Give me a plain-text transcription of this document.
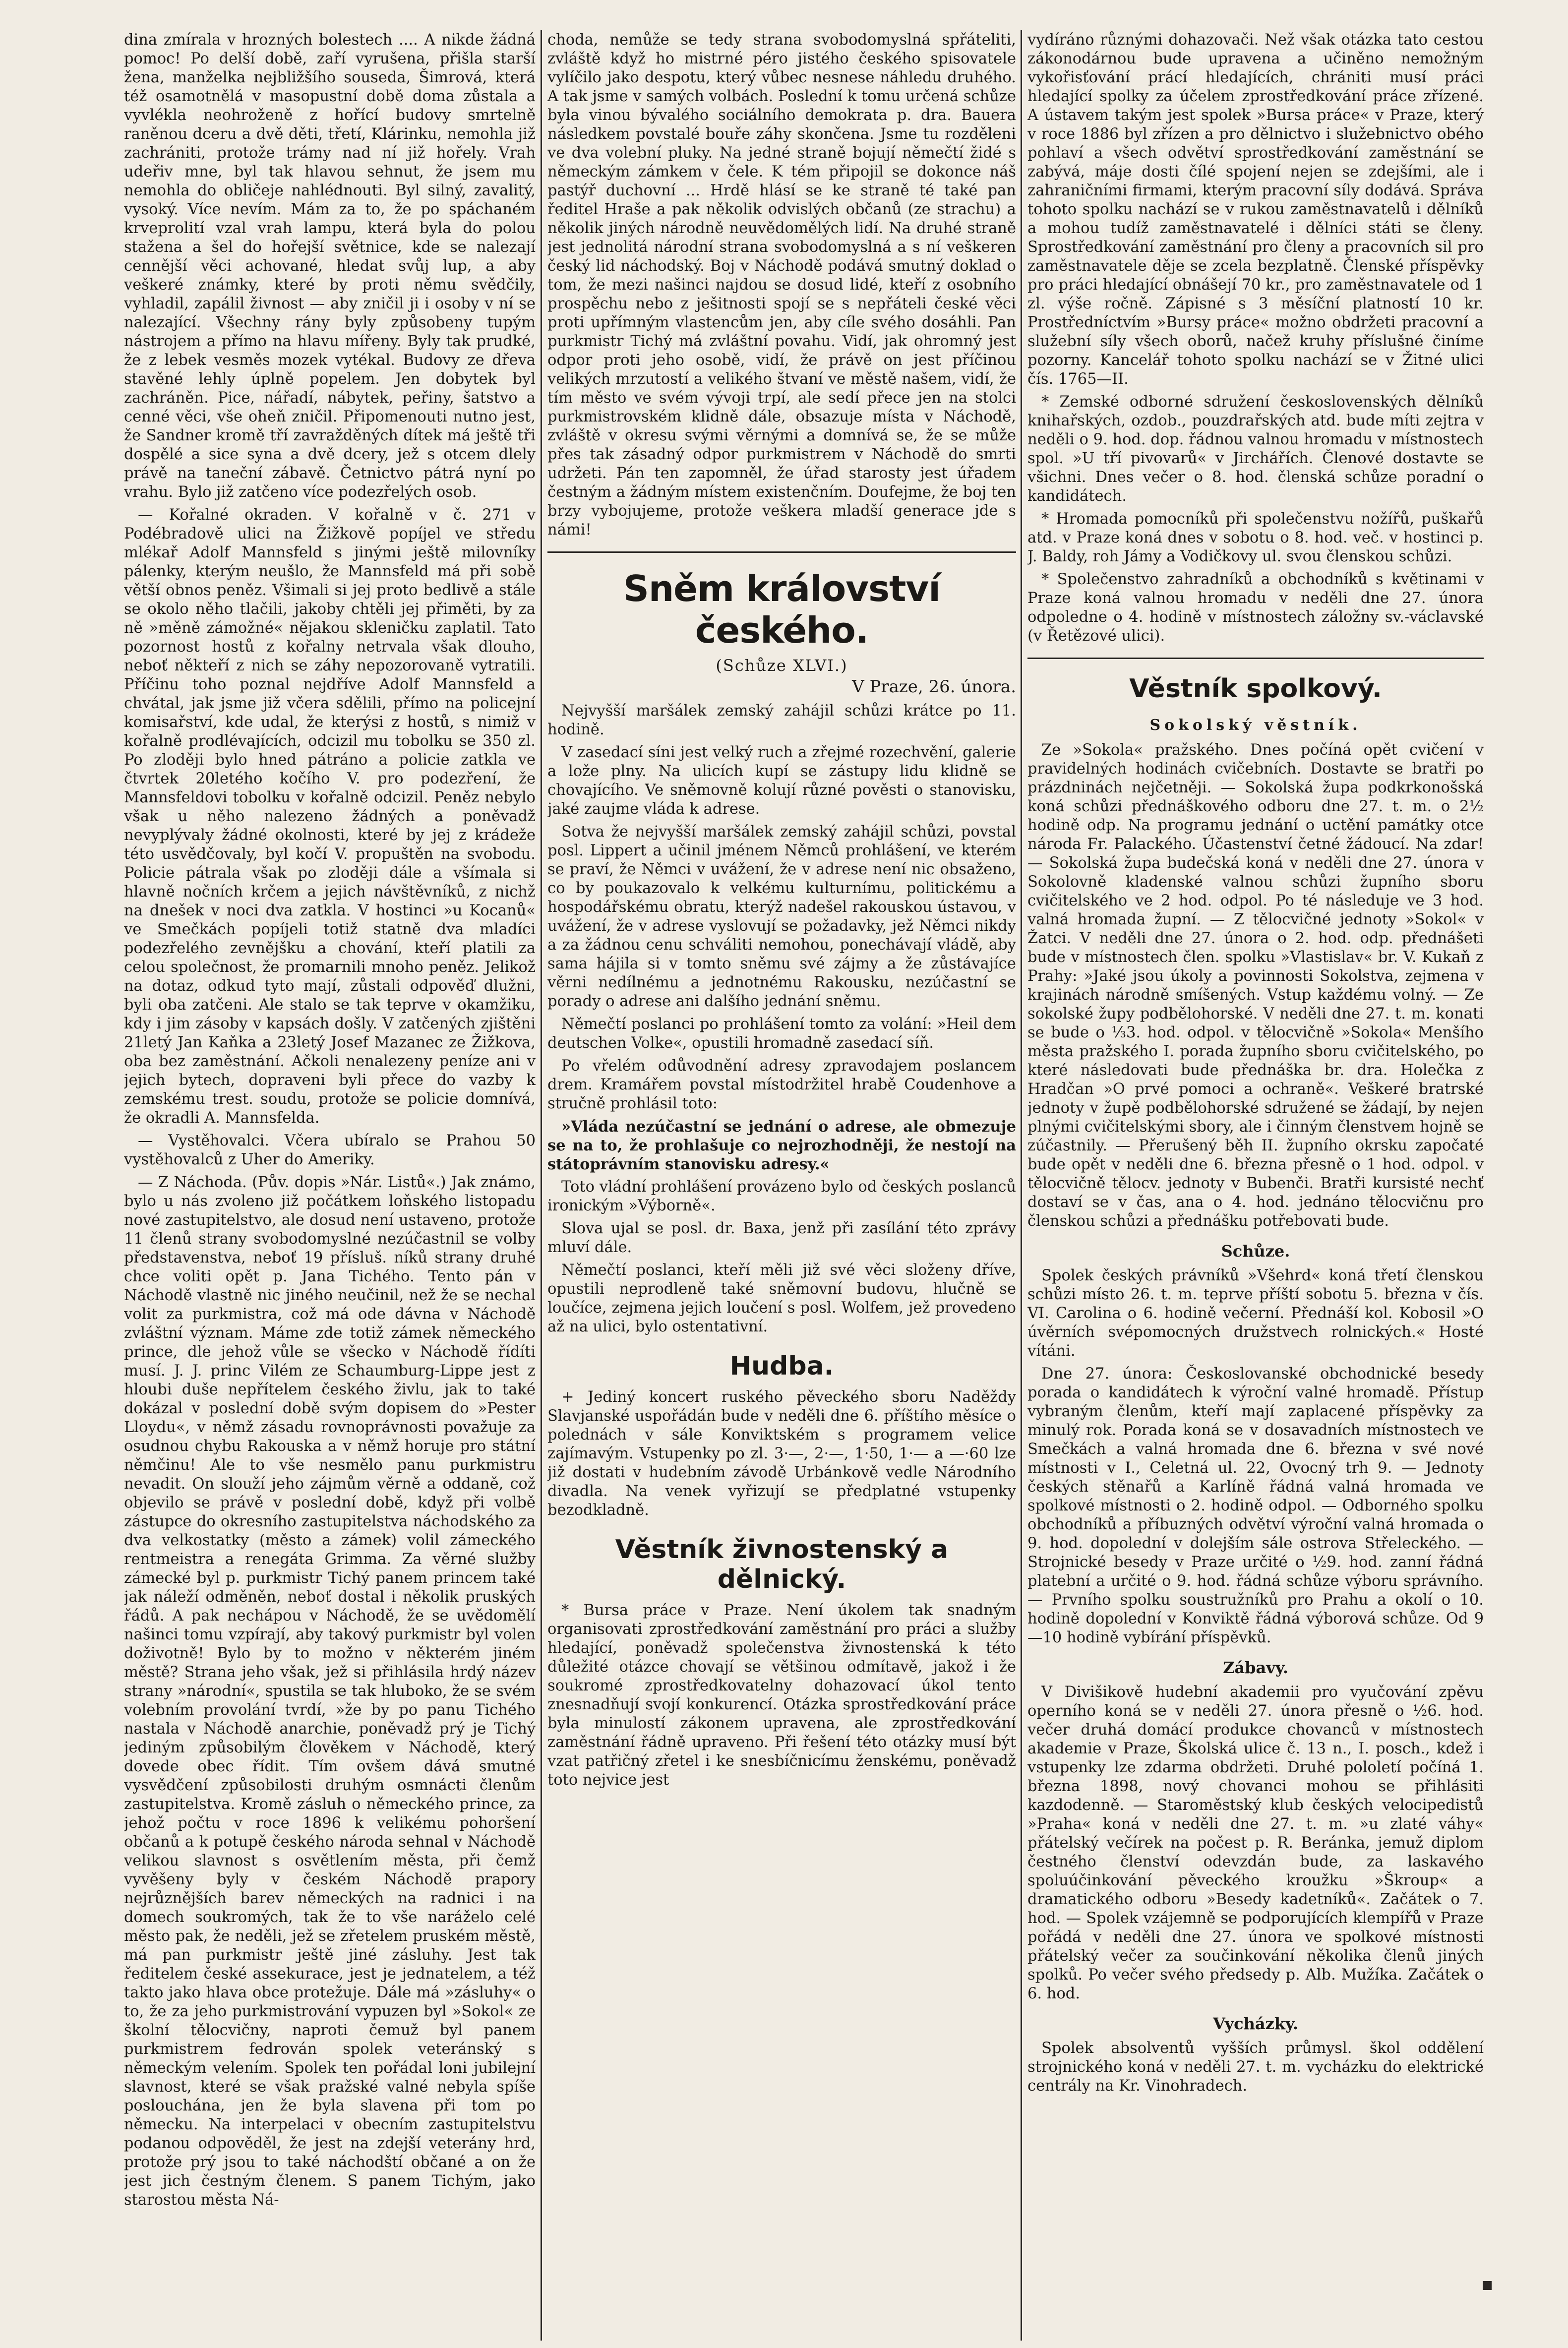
dina zmírala v hrozných bolestech .... A nikde žádná pomoc! Po delší době, zaří vyrušena, přišla starší žena, manželka nejbližšího souseda, Šimrová, která též osamotnělá v masopustní době doma zůstala a vyvlékla neohroženě z hořící budovy smrtelně raněnou dceru a dvě děti, třetí, Klárinku, nemohla již zachrániti, protože trámy nad ní již hořely. Vrah udeřiv mne, byl tak hlavou sehnut, že jsem mu nemohla do obličeje nahlédnouti. Byl silný, zavalitý, vysoký. Více nevím. Mám za to, že po spáchaném krveprolití vzal vrah lampu, která byla do polou stažena a šel do hořejší světnice, kde se nalezají cennější věci achované, hledat svůj lup, a aby veškeré známky, které by proti němu svědčily, vyhladil, zapálil živnost — aby zničil ji i osoby v ní se nalezající. Všechny rány byly způsobeny tupým nástrojem a přímo na hlavu mířeny. Byly tak prudké, že z lebek vesměs mozek vytékal. Budovy ze dřeva stavěné lehly úplně popelem. Jen dobytek byl zachráněn. Pice, nářadí, nábytek, peřiny, šatstvo a cenné věci, vše oheň zničil. Připomenouti nutno jest, že Sandner kromě tří zavražděných dítek má ještě tři dospělé a sice syna a dvě dcery, jež s otcem dlely právě na taneční zábavě. Četnictvo pátrá nyní po vrahu. Bylo již zatčeno více podezřelých osob.

— Kořalné okraden. V kořalně v č. 271 v Podébradově ulici na Žižkově popíjel ve středu mlékař Adolf Mannsfeld s jinými ještě milovníky pálenky, kterým neušlo, že Mannsfeld má při sobě větší obnos peněz. Všimali si jej proto bedlivě a stále se okolo něho tlačili, jakoby chtěli jej přiměti, by za ně »měně zámožné« nějakou skleničku zaplatil. Tato pozornost hostů z kořalny netrvala však dlouho, neboť někteří z nich se záhy nepozorovaně vytratili. Příčinu toho poznal nejdříve Adolf Mannsfeld a chvátal, jak jsme již včera sdělili, přímo na policejní komisařství, kde udal, že kterýsi z hostů, s nimiž v kořalně prodlévajících, odcizil mu tobolku se 350 zl. Po zloději bylo hned pátráno a policie zatkla ve čtvrtek 20letého kočího V. pro podezření, že Mannsfeldovi tobolku v kořalně odcizil. Peněz nebylo však u něho nalezeno žádných a poněvadž nevyplývaly žádné okolnosti, které by jej z krádeže této usvědčovaly, byl kočí V. propuštěn na svobodu. Policie pátrala však po zloději dále a všímala si hlavně nočních krčem a jejich návštěvníků, z nichž na dnešek v noci dva zatkla. V hostinci »u Kocanů« ve Smečkách popíjeli totiž statně dva mladíci podezřelého zevnějšku a chování, kteří platili za celou společnost, že promarnili mnoho peněz. Jelikož na dotaz, odkud tyto mají, zůstali odpověď dlužni, byli oba zatčeni. Ale stalo se tak teprve v okamžiku, kdy i jim zásoby v kapsách došly. V zatčených zjištěni 21letý Jan Kaňka a 23letý Josef Mazanec ze Žižkova, oba bez zaměstnání. Ačkoli nenalezeny peníze ani v jejich bytech, dopraveni byli přece do vazby k zemskému trest. soudu, protože se policie domnívá, že okradli A. Mannsfelda.

— Vystěhovalci. Včera ubíralo se Prahou 50 vystěhovalců z Uher do Ameriky.

— Z Náchoda. (Pův. dopis »Nár. Listů«.) Jak známo, bylo u nás zvoleno již počátkem loňského listopadu nové zastupitelstvo, ale dosud není ustaveno, protože 11 členů strany svobodomyslné nezúčastnil se volby představenstva, neboť 19 přísluš. níků strany druhé chce voliti opět p. Jana Tichého. Tento pán v Náchodě vlastně nic jiného neučinil, než že se nechal volit za purkmistra, což má ode dávna v Náchodě zvláštní význam. Máme zde totiž zámek německého prince, dle jehož vůle se všecko v Náchodě řídíti musí. J. J. princ Vilém ze Schaumburg-Lippe jest z hloubi duše nepřítelem českého živlu, jak to také dokázal v poslední době svým dopisem do »Pester Lloydu«, v němž zásadu rovnoprávnosti považuje za osudnou chybu Rakouska a v němž horuje pro státní němčinu! Ale to vše nesmělo panu purkmistru nevadit. On slouží jeho zájmům věrně a oddaně, což objevilo se právě v poslední době, když při volbě zástupce do okresního zastupitelstva náchodského za dva velkostatky (město a zámek) volil zámeckého rentmeistra a renegáta Grimma. Za věrné služby zámecké byl p. purkmistr Tichý panem princem také jak náleží odměněn, neboť dostal i několik pruských řádů. A pak nechápou v Náchodě, že se uvědomělí našinci tomu vzpírají, aby takový purkmistr byl volen doživotně! Bylo by to možno v některém jiném městě? Strana jeho však, jež si přihlásila hrdý název strany »národní«, spustila se tak hluboko, že se svém volebním provolání tvrdí, »že by po panu Tichého nastala v Náchodě anarchie, poněvadž prý je Tichý jediným způsobilým člověkem v Náchodě, který dovede obec řídit. Tím ovšem dává smutné vysvědčení způsobilosti druhým osmnácti členům zastupitelstva. Kromě zásluh o německého prince, za jehož počtu v roce 1896 k velikému pohoršení občanů a k potupě českého národa sehnal v Náchodě velikou slavnost s osvětlením města, při čemž vyvěšeny byly v českém Náchodě prapory nejrůznějších barev německých na radnici i na domech soukromých, tak že to vše naráželo celé město pak, že neděli, jež se zřetelem pruském městě, má pan purkmistr ještě jiné zásluhy. Jest tak ředitelem české assekurace, jest je jednatelem, a též takto jako hlava obce protežuje. Dále má »zásluhy« o to, že za jeho purkmistrování vypuzen byl »Sokol« ze školní tělocvičny, naproti čemuž byl panem purkmistrem fedrován spolek veteránský s německým velením. Spolek ten pořádal loni jubilejní slavnost, které se však pražské valné nebyla spíše poslouchána, jen že byla slavena při tom po německu. Na interpelaci v obecním zastupitelstvu podanou odpověděl, že jest na zdejší veterány hrd, protože prý jsou to také náchodští občané a on že jest jich čestným členem. S panem Tichým, jako starostou města Ná-

choda, nemůže se tedy strana svobodomyslná spřáteliti, zvláště když ho mistrné péro jistého českého spisovatele vylíčilo jako despotu, který vůbec nesnese náhledu druhého. A tak jsme v samých volbách. Poslední k tomu určená schůze byla vinou bývalého sociálního demokrata p. dra. Bauera následkem povstalé bouře záhy skončena. Jsme tu rozděleni ve dva volební pluky. Na jedné straně bojují němečtí židé s německým zámkem v čele. K tém připojil se dokonce náš pastýř duchovní ... Hrdě hlásí se ke straně té také pan ředitel Hraše a pak několik odvislých občanů (ze strachu) a několik jiných národně neuvědomělých lidí. Na druhé straně jest jednolitá národní strana svobodomyslná a s ní veškeren český lid náchodský. Boj v Náchodě podává smutný doklad o tom, že mezi našinci najdou se dosud lidé, kteří z osobního prospěchu nebo z ješitnosti spojí se s nepřáteli české věci proti upřímným vlastencům jen, aby cíle svého dosáhli. Pan purkmistr Tichý má zvláštní povahu. Vidí, jak ohromný jest odpor proti jeho osobě, vidí, že právě on jest příčinou velikých mrzutostí a velikého štvaní ve městě našem, vidí, že tím město ve svém vývoji trpí, ale sedí přece jen na stolci purkmistrovském klidně dále, obsazuje místa v Náchodě, zvláště v okresu svými věrnými a domnívá se, že se může přes tak zásadný odpor purkmistrem v Náchodě do smrti udržeti. Pán ten zapomněl, že úřad starosty jest úřadem čestným a žádným místem existenčním. Doufejme, že boj ten brzy vybojujeme, protože veškera mladší generace jde s námi!

Sněm království českého.
(Schůze XLVI.)
V Praze, 26. února.

Nejvyšší maršálek zemský zahájil schůzi krátce po 11. hodině.

V zasedací síni jest velký ruch a zřejmé rozechvění, galerie a lože plny. Na ulicích kupí se zástupy lidu klidně se chovajícího. Ve sněmovně kolují různé pověsti o stanovisku, jaké zaujme vláda k adrese.

Sotva že nejvyšší maršálek zemský zahájil schůzi, povstal posl. Lippert a učinil jménem Němců prohlášení, ve kterém se praví, že Němci v uvážení, že v adrese není nic obsaženo, co by poukazovalo k velkému kulturnímu, politickému a hospodářskému obratu, kterýž nadešel rakouskou ústavou, v uvážení, že v adrese vyslovují se požadavky, jež Němci nikdy a za žádnou cenu schváliti nemohou, ponechávají vládě, aby sama hájila si v tomto sněmu své zájmy a že zůstávajíce věrni nedílnému a jednotnému Rakousku, nezúčastní se porady o adrese ani dalšího jednání sněmu.

Němečtí poslanci po prohlášení tomto za volání: »Heil dem deutschen Volke«, opustili hromadně zasedací síň.

Po vřelém odůvodnění adresy zpravodajem poslancem drem. Kramářem povstal místodržitel hrabě Coudenhove a stručně prohlásil toto:

»Vláda nezúčastní se jednání o adrese, ale obmezuje se na to, že prohlašuje co nejrozhodněji, že nestojí na státoprávním stanovisku adresy.«

Toto vládní prohlášení provázeno bylo od českých poslanců ironickým »Výborně«.

Slova ujal se posl. dr. Baxa, jenž při zasílání této zprávy mluví dále.

Němečtí poslanci, kteří měli již své věci složeny dříve, opustili neprodleně také sněmovní budovu, hlučně se loučíce, zejmena jejich loučení s posl. Wolfem, jež provedeno až na ulici, bylo ostentativní.

Hudba.

+ Jediný koncert ruského pěveckého sboru Naděždy Slavjanské uspořádán bude v neděli dne 6. příštího měsíce o polednách v sále Konviktském s programem velice zajímavým. Vstupenky po zl. 3·—, 2·—, 1·50, 1·— a —·60 lze již dostati v hudebním závodě Urbánkově vedle Národního divadla. Na venek vyřizují se předplatné vstupenky bezodkladně.

Věstník živnostenský a dělnický.

* Bursa práce v Praze. Není úkolem tak snadným organisovati zprostředkování zaměstnání pro práci a služby hledající, poněvadž společenstva živnostenská k této důležité otázce chovají se většinou odmítavě, jakož i že soukromé zprostředkovatelny dohazovací úkol tento znesnadňují svojí konkurencí. Otázka sprostředkování práce byla minulostí zákonem upravena, ale zprostředkování zaměstnání řádně upraveno. Při řešení této otázky musí být vzat patřičný zřetel i ke snesbíčnicímu ženskému, poněvadž toto nejvice jest

vydíráno různými dohazovači. Než však otázka tato cestou zákonodárnou bude upravena a učiněno nemožným vykořisťování prácí hledajících, chrániti musí práci hledající spolky za účelem zprostředkování práce zřízené. A ústavem takým jest spolek »Bursa práce« v Praze, který v roce 1886 byl zřízen a pro dělnictvo i služebnictvo obého pohlaví a všech odvětví sprostředkování zaměstnání se zabývá, máje dosti čílé spojení nejen se zdejšími, ale i zahraničními firmami, kterým pracovní síly dodává. Správa tohoto spolku nachází se v rukou zaměstnavatelů i dělníků a mohou tudíž zaměstnavatelé i dělníci státi se členy. Sprostředkování zaměstnání pro členy a pracovních sil pro zaměstnavatele děje se zcela bezplatně. Členské příspěvky pro práci hledající obnášejí 70 kr., pro zaměstnavatele od 1 zl. výše ročně. Zápisné s 3 měsíční platností 10 kr. Prostředníctvím »Bursy práce« možno obdržeti pracovní a služební síly všech oborů, načež kruhy příslušné činíme pozorny. Kancelář tohoto spolku nachází se v Žitné ulici čís. 1765—II.

* Zemské odborné sdružení československých dělníků knihařských, ozdob., pouzdrařských atd. bude míti zejtra v neděli o 9. hod. dop. řádnou valnou hromadu v místnostech spol. »U tří pivovarů« v Jirchářích. Členové dostavte se všichni. Dnes večer o 8. hod. členská schůze poradní o kandidátech.

* Hromada pomocníků při společenstvu nožířů, puškařů atd. v Praze koná dnes v sobotu o 8. hod. več. v hostinci p. J. Baldy, roh Jámy a Vodičkovy ul. svou členskou schůzi.

* Společenstvo zahradníků a obchodníků s květinami v Praze koná valnou hromadu v neděli dne 27. února odpoledne o 4. hodině v místnostech záložny sv.-václavské (v Řetězové ulici).

Věstník spolkový.
Sokolský věstník.

Ze »Sokola« pražského. Dnes počíná opět cvičení v pravidelných hodinách cvičebních. Dostavte se bratři po prázdninách nejčetněji. — Sokolská župa podkrkonošská koná schůzi přednáškového odboru dne 27. t. m. o 2½ hodině odp. Na programu jednání o uctění památky otce národa Fr. Palackého. Účastenství četné žádoucí. Na zdar! — Sokolská župa budečská koná v neděli dne 27. února v Sokolovně kladenské valnou schůzi župního sboru cvičitelského ve 2 hod. odpol. Po té následuje ve 3 hod. valná hromada župní. — Z tělocvičné jednoty »Sokol« v Žatci. V neděli dne 27. února o 2. hod. odp. přednášeti bude v místnostech člen. spolku »Vlastislav« br. V. Kukaň z Prahy: »Jaké jsou úkoly a povinnosti Sokolstva, zejmena v krajinách národně smíšených. Vstup každému volný. — Ze sokolské župy podbělohorské. V neděli dne 27. t. m. konati se bude o ⅓3. hod. odpol. v tělocvičně »Sokola« Menšího města pražského I. porada župního sboru cvičitelského, po které následovati bude přednáška br. dra. Holečka z Hradčan »O prvé pomoci a ochraně«. Veškeré bratrské jednoty v župě podbělohorské sdružené se žádají, by nejen plnými cvičitelskými sbory, ale i činným členstvem hojně se zúčastnily. — Přerušený běh II. župního okrsku započaté bude opět v neděli dne 6. března přesně o 1 hod. odpol. v tělocvičně tělocv. jednoty v Bubenči. Bratři kursisté nechť dostaví se v čas, ana o 4. hod. jednáno tělocvičnu pro členskou schůzi a přednášku potřebovati bude.

Schůze.

Spolek českých právníků »Všehrd« koná třetí členskou schůzi místo 26. t. m. teprve příští sobotu 5. března v čís. VI. Carolina o 6. hodině večerní. Přednáší kol. Kobosil »O úvěrních svépomocných družstvech rolnických.« Hosté vítáni.

Dne 27. února: Českoslovanské obchodnické besedy porada o kandidátech k výroční valné hromadě. Přístup vybraným členům, kteří mají zaplacené příspěvky za minulý rok. Porada koná se v dosavadních místnostech ve Smečkách a valná hromada dne 6. března v své nové místnosti v I., Celetná ul. 22, Ovocný trh 9. — Jednoty českých stěnařů a Karlíně řádná valná hromada ve spolkové místnosti o 2. hodině odpol. — Odborného spolku obchodníků a příbuzných odvětví výroční valná hromada o 9. hod. dopolední v dolejším sále ostrova Střeleckého. — Strojnické besedy v Praze určité o ½9. hod. zanní řádná platební a určité o 9. hod. řádná schůze výboru správního. — Prvního spolku soustružníků pro Prahu a okolí o 10. hodině dopolední v Konviktě řádná výborová schůze. Od 9—10 hodině vybírání příspěvků.

Zábavy.

V Divišikově hudební akademii pro vyučování zpěvu operního koná se v neděli 27. února přesně o ½6. hod. večer druhá domácí produkce chovanců v místnostech akademie v Praze, Školská ulice č. 13 n., I. posch., kdež i vstupenky lze zdarma obdržeti. Druhé pololetí počíná 1. března 1898, nový chovanci mohou se přihlásiti kazdodenně. — Staroměstský klub českých velocipedistů »Praha« koná v neděli dne 27. t. m. »u zlaté váhy« přátelský večírek na počest p. R. Beránka, jemuž diplom čestného členství odevzdán bude, za laskavého spoluúčinkování pěveckého kroužku »Škroup« a dramatického odboru »Besedy kadetníků«. Začátek o 7. hod. — Spolek vzájemně se podporujících klempířů v Praze pořádá v neděli dne 27. února ve spolkové místnosti přátelský večer za součinkování několika členů jiných spolků. Po večer svého předsedy p. Alb. Mužíka. Začátek o 6. hod.

Vycházky.

Spolek absolventů vyšších průmysl. škol oddělení strojnického koná v neděli 27. t. m. vycházku do elektrické centrály na Kr. Vinohradech.
